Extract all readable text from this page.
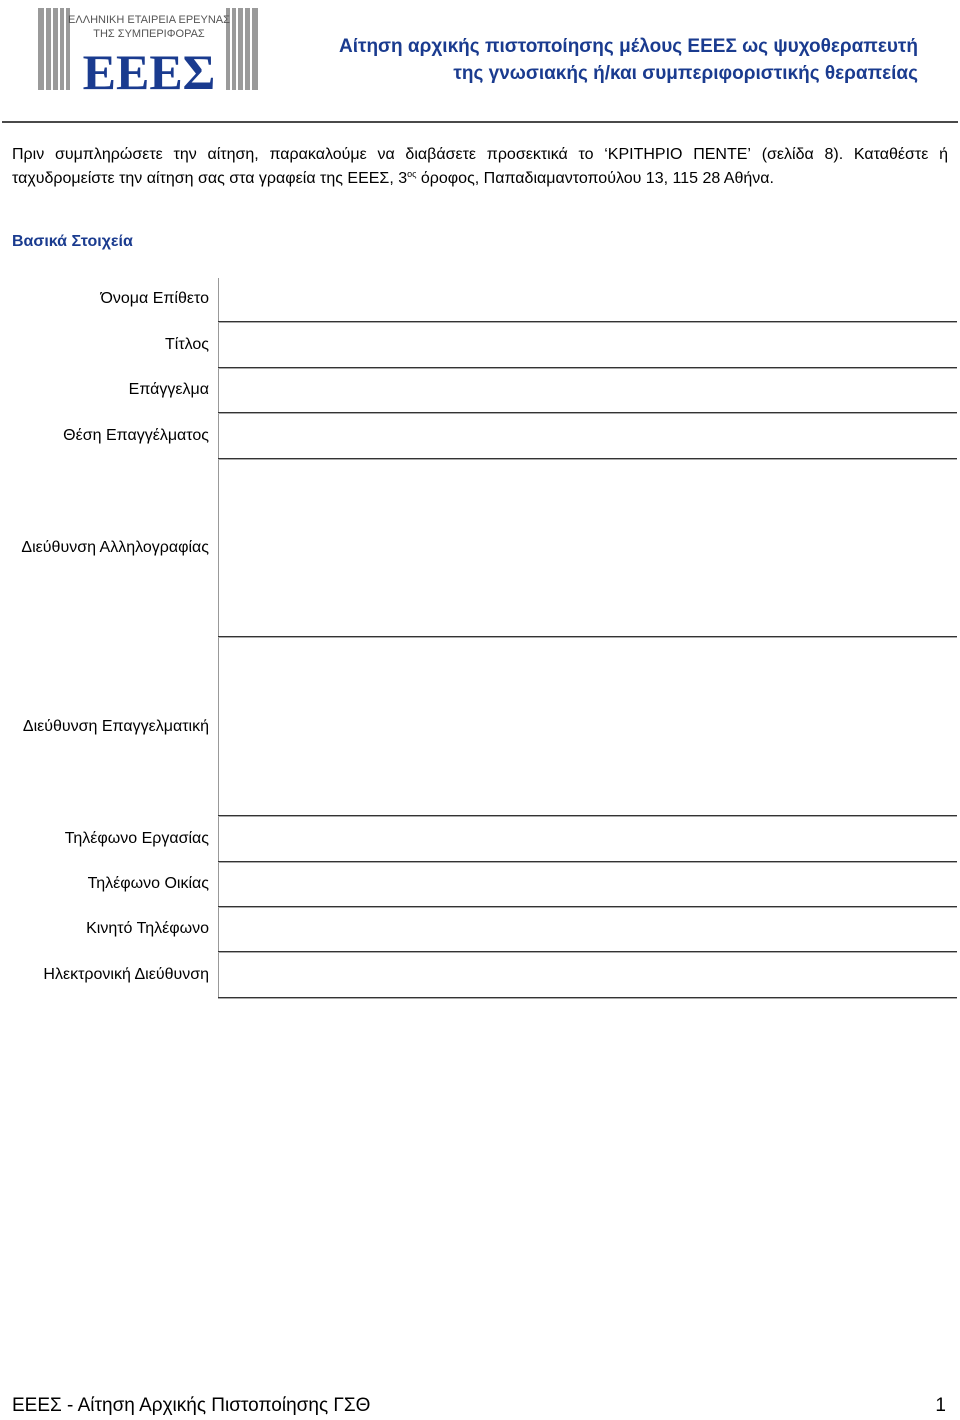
ΕΛΛΗΝΙΚΗ ΕΤΑΙΡΕΙΑ ΕΡΕΥΝΑΣ
ΤΗΣ ΣΥΜΠΕΡΙΦΟΡΑΣ
ΕΕΕΣ	Αίτηση αρχικής πιστοποίησης μέλους ΕΕΕΣ ως ψυχοθεραπευτή
της γνωσιακής ή/και συμπεριφοριστικής θεραπείας
Πριν συμπληρώσετε την αίτηση, παρακαλούμε να διαβάσετε προσεκτικά το ‘ΚΡΙΤΗΡΙΟ ΠΕΝΤΕ’ (σελίδα 8). Καταθέστε ή
ταχυδρομείστε την αίτηση σας στα γραφεία της ΕΕΕΣ, $3^{o\varsigma}$ όροφος, Παπαδιαμαντοπούλου 13, 115 28 Αθήνα.
Βασικά Στοιχεία
Όνομα Επίθετο
Τίτλος
Επάγγελμα
Θέση Επαγγέλματος
Διεύθυνση Αλληλογραφίας
Διεύθυνση Επαγγελματική
Τηλέφωνο Εργασίας
Τηλέφωνο Οικίας
Κινητό Τηλέφωνο
Ηλεκτρονική Διεύθυνση
ΕΕΕΣ - Αίτηση Αρχικής Πιστοποίησης ΓΣΘ	1
